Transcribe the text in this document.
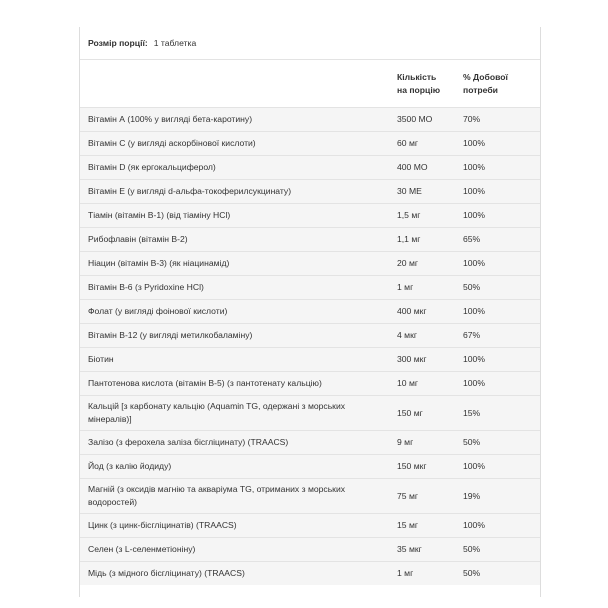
Розмір порції: 1 таблетка		
	Кількість на порцію	% Добової потреби
Вітамін А (100% у вигляді бета-каротину)	3500 МО	70%
Вітамін С (у вигляді аскорбінової кислоти)	60 мг	100%
Вітамін D (як ергокальциферол)	400 МО	100%
Вітамін Е (у вигляді d-альфа-токоферилсукцинату)	30 МЕ	100%
Тіамін (вітамін В-1) (від тіаміну HCl)	1,5 мг	100%
Рибофлавін (вітамін В-2)	1,1 мг	65%
Ніацин (вітамін В-3) (як ніацинамід)	20 мг	100%
Вітамін В-6 (з Pyridoxine HCl)	1 мг	50%
Фолат (у вигляді фоінової кислоти)	400 мкг	100%
Вітамін В-12 (у вигляді метилкобаламіну)	4 мкг	67%
Біотин	300 мкг	100%
Пантотенова кислота (вітамін В-5) (з пантотенату кальцію)	10 мг	100%
Кальцій [з карбонату кальцію (Aquamin TG, одержані з морських мінералів)]	150 мг	15%
Залізо (з ферохела заліза бісгліцинату) (TRAACS)	9 мг	50%
Йод (з калію йодиду)	150 мкг	100%
Магній (з оксидів магнію та акваріума TG, отриманих з морських водоростей)	75 мг	19%
Цинк (з цинк-бісгліцинатів) (TRAACS)	15 мг	100%
Селен (з L-селенметіоніну)	35 мкг	50%
Мідь (з мідного бісгліцинату) (TRAACS)	1 мг	50%
